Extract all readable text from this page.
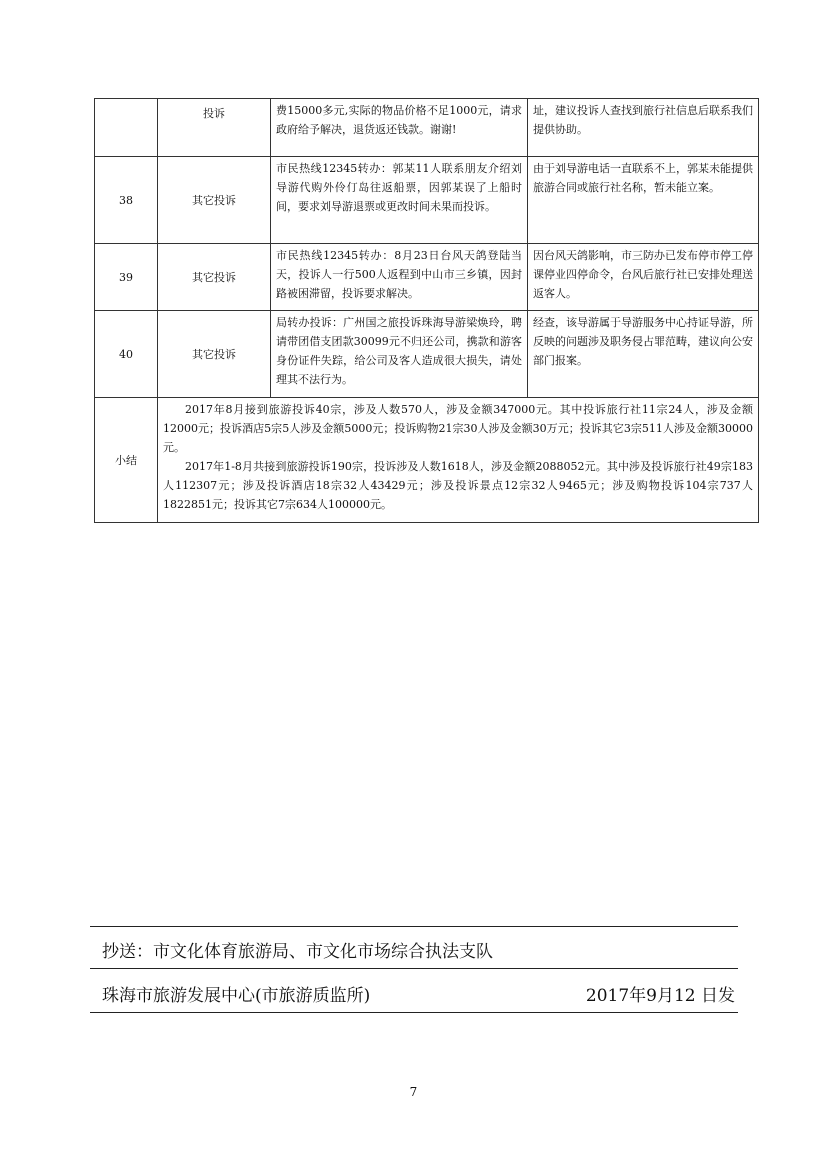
	投诉	费15000多元,实际的物品价格不足1000元，请求政府给予解决，退货返还钱款。谢谢!	址，建议投诉人查找到旅行社信息后联系我们提供协助。
38	其它投诉	市民热线12345转办：郭某11人联系朋友介绍刘导游代购外伶仃岛往返船票，因郭某误了上船时间，要求刘导游退票或更改时间未果而投诉。	由于刘导游电话一直联系不上，郭某未能提供旅游合同或旅行社名称，暂未能立案。
39	其它投诉	市民热线12345转办：8月23日台风天鸽登陆当天，投诉人一行500人返程到中山市三乡镇，因封路被困滞留，投诉要求解决。	因台风天鸽影响，市三防办已发布停市停工停课停业四停命令，台风后旅行社已安排处理送返客人。
40	其它投诉	局转办投诉：广州国之旅投诉珠海导游梁焕玲，聘请带团借支团款30099元不归还公司，携款和游客身份证件失踪，给公司及客人造成很大损失，请处理其不法行为。	经查，该导游属于导游服务中心持证导游，所反映的问题涉及职务侵占罪范畴，建议向公安部门报案。
小结	2017年8月接到旅游投诉40宗，涉及人数570人，涉及金额347000元。其中投诉旅行社11宗24人，涉及金额12000元；投诉酒店5宗5人涉及金额5000元；投诉购物21宗30人涉及金额30万元；投诉其它3宗511人涉及金额30000元。

2017年1-8月共接到旅游投诉190宗，投诉涉及人数1618人，涉及金额2088052元。其中涉及投诉旅行社49宗183人112307元；涉及投诉酒店18宗32人43429元；涉及投诉景点12宗32人9465元；涉及购物投诉104宗737人1822851元；投诉其它7宗634人100000元。		

抄送：市文化体育旅游局、市文化市场综合执法支队
珠海市旅游发展中心(市旅游质监所)	2017年9月12 日发
7
